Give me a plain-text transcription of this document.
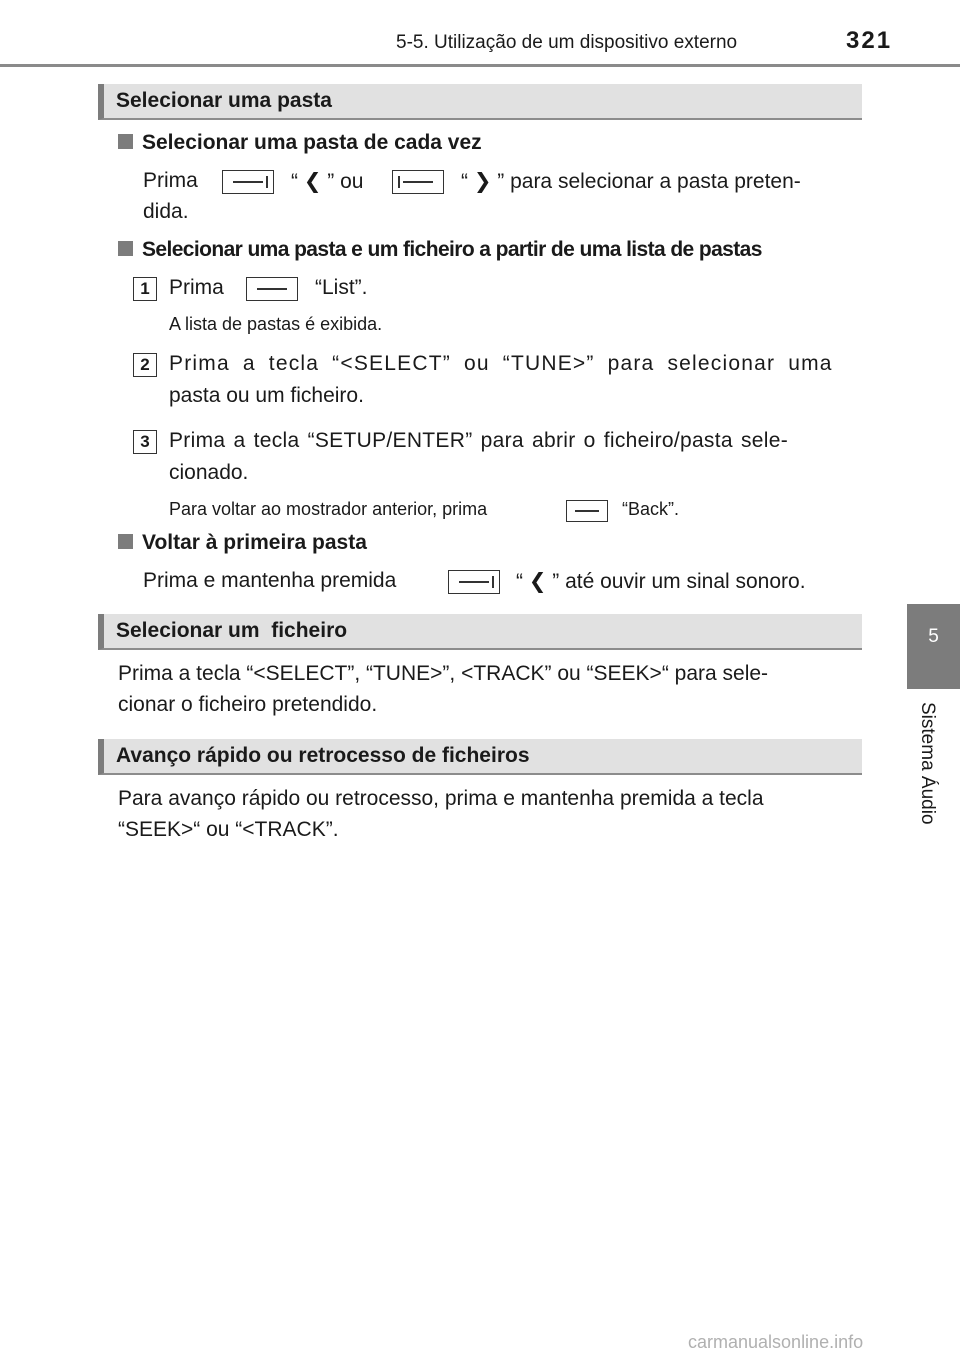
5-5. Utilização de um dispositivo externo	321
5
Sistema Áudio
Selecionar uma pasta
Selecionar uma pasta de cada vez
Prima	“ ❮ ” ou	“ ❯ ” para selecionar a pasta preten-
dida.
Selecionar uma pasta e um ficheiro a partir de uma lista de pastas
1 Prima	“List”.
A lista de pastas é exibida.
2 Prima a tecla “<SELECT” ou “TUNE>” para selecionar uma
pasta ou um ficheiro.
3 Prima a tecla “SETUP/ENTER” para abrir o ficheiro/pasta sele-
cionado.
Para voltar ao mostrador anterior, prima	“Back”.
Voltar à primeira pasta
Prima e mantenha premida	“ ❮ ” até ouvir um sinal sonoro.
Selecionar um  ficheiro
Prima a tecla “<SELECT”, “TUNE>”, <TRACK” ou “SEEK>“ para sele-
cionar o ficheiro pretendido.
Avanço rápido ou retrocesso de ficheiros
Para avanço rápido ou retrocesso, prima e mantenha premida a tecla
“SEEK>“ ou “<TRACK”.
carmanualsonline.info
